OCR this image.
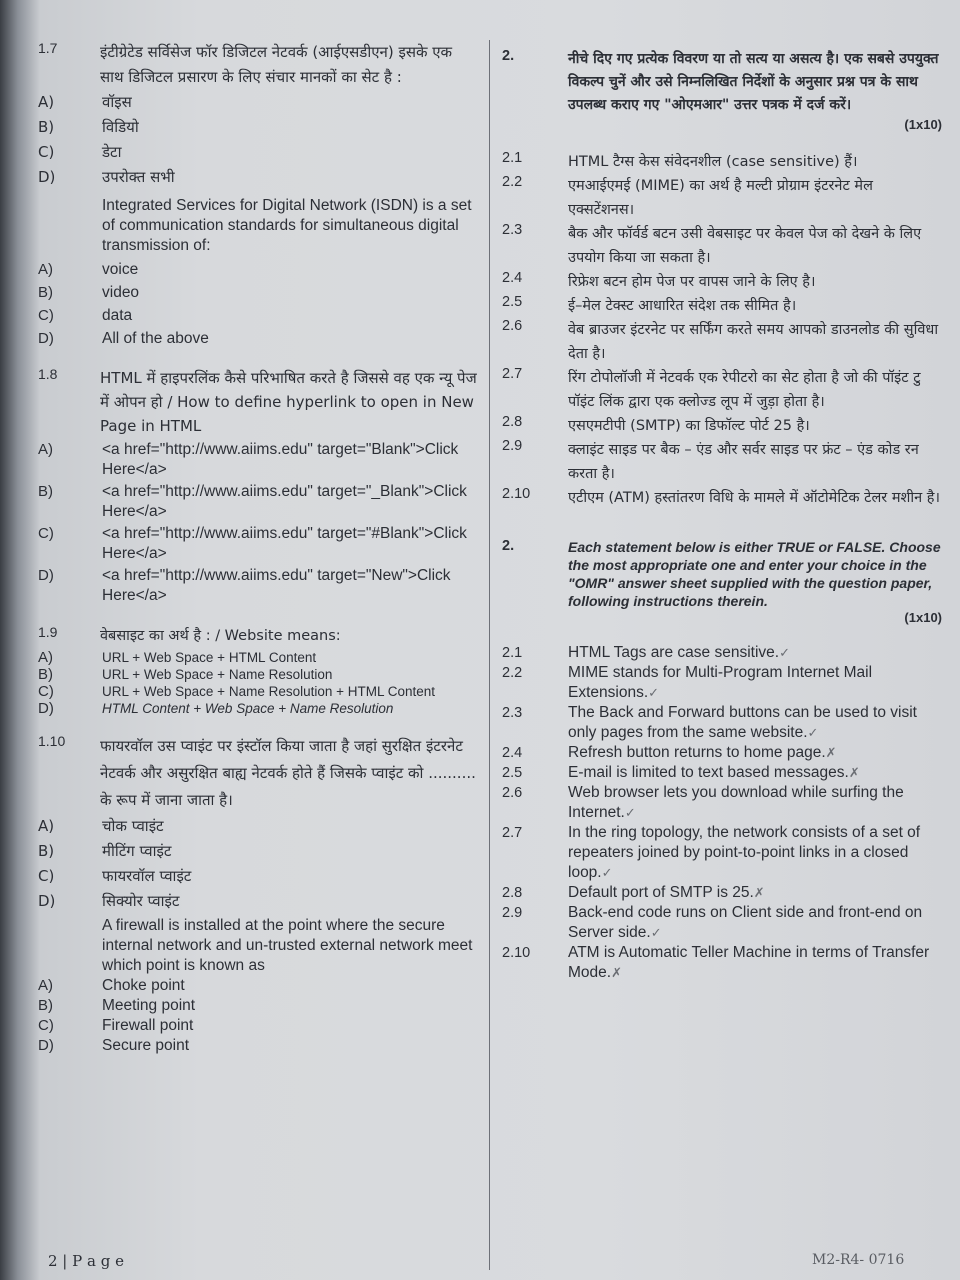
1.7	इंटीग्रेटेड सर्विसेज फॉर डिजिटल नेटवर्क (आईएसडीएन) इसके एक साथ डिजिटल प्रसारण के लिए संचार मानकों का सेट है :
A)	वॉइस
B)	विडियो
C)	डेटा
D)	उपरोक्त सभी
Integrated Services for Digital Network (ISDN) is a set of communication standards for simultaneous digital transmission of:
A)	voice
B)	video
C)	data
D)	All of the above
1.8	HTML में हाइपरलिंक कैसे परिभाषित करते है जिससे वह एक न्यू पेज में ओपन हो / How to define hyperlink to open in New Page in HTML
A)	<a href="http://www.aiims.edu" target="Blank">Click Here</a>
B)	<a href="http://www.aiims.edu" target="_Blank">Click Here</a>
C)	<a href="http://www.aiims.edu" target="#Blank">Click Here</a>
D)	<a href="http://www.aiims.edu" target="New">Click Here</a>
1.9	वेबसाइट का अर्थ है : / Website means:
A)	URL + Web Space + HTML Content
B)	URL + Web Space + Name Resolution
C)	URL + Web Space + Name Resolution + HTML Content
D)	HTML Content + Web Space + Name Resolution
1.10	फायरवॉल उस प्वाइंट पर इंस्टॉल किया जाता है जहां सुरक्षित इंटरनेट नेटवर्क और असुरक्षित बाह्य नेटवर्क होते हैं जिसके प्वाइंट को .......... के रूप में जाना जाता है।
A)	चोक प्वाइंट
B)	मीटिंग प्वाइंट
C)	फायरवॉल प्वाइंट
D)	सिक्योर प्वाइंट
A firewall is installed at the point where the secure internal network and un-trusted external network meet which point is known as
A)	Choke point
B)	Meeting point
C)	Firewall point
D)	Secure point
2.	नीचे दिए गए प्रत्येक विवरण या तो सत्य या असत्य है। एक सबसे उपयुक्त विकल्प चुनें और उसे निम्नलिखित निर्देशों के अनुसार प्रश्न पत्र के साथ उपलब्ध कराए गए "ओएमआर" उत्तर पत्रक में दर्ज करें।
(1x10)
2.1	HTML टैग्स केस संवेदनशील (case sensitive) हैं।
2.2	एमआईएमई (MIME) का अर्थ है मल्टी प्रोग्राम इंटरनेट मेल एक्सटेंशनस।
2.3	बैक और फॉर्वर्ड बटन उसी वेबसाइट पर केवल पेज को देखने के लिए उपयोग किया जा सकता है।
2.4	रिफ्रेश बटन होम पेज पर वापस जाने के लिए है।
2.5	ई–मेल टेक्स्ट आधारित संदेश तक सीमित है।
2.6	वेब ब्राउजर इंटरनेट पर सर्फिंग करते समय आपको डाउनलोड की सुविधा देता है।
2.7	रिंग टोपोलॉजी में नेटवर्क एक रेपीटरो का सेट होता है जो की पॉइंट टु पॉइंट लिंक द्वारा एक क्लोज्ड लूप में जुड़ा होता है।
2.8	एसएमटीपी (SMTP) का डिफॉल्ट पोर्ट 25 है।
2.9	क्लाइंट साइड पर बैक – एंड और सर्वर साइड पर फ्रंट – एंड कोड रन करता है।
2.10	एटीएम (ATM) हस्तांतरण विधि के मामले में ऑटोमेटिक टेलर मशीन है।
2.	Each statement below is either TRUE or FALSE. Choose the most appropriate one and enter your choice in the "OMR" answer sheet supplied with the question paper, following instructions therein.
(1x10)
2.1	HTML Tags are case sensitive.✓
2.2	MIME stands for Multi-Program Internet Mail Extensions.✓
2.3	The Back and Forward buttons can be used to visit only pages from the same website.✓
2.4	Refresh button returns to home page.✗
2.5	E-mail is limited to text based messages.✗
2.6	Web browser lets you download while surfing the Internet.✓
2.7	In the ring topology, the network consists of a set of repeaters joined by point-to-point links in a closed loop.✓
2.8	Default port of SMTP is 25.✗
2.9	Back-end code runs on Client side and front-end on Server side.✓
2.10	ATM is Automatic Teller Machine in terms of Transfer Mode.✗
2 | P a g e	M2-R4- 0716
